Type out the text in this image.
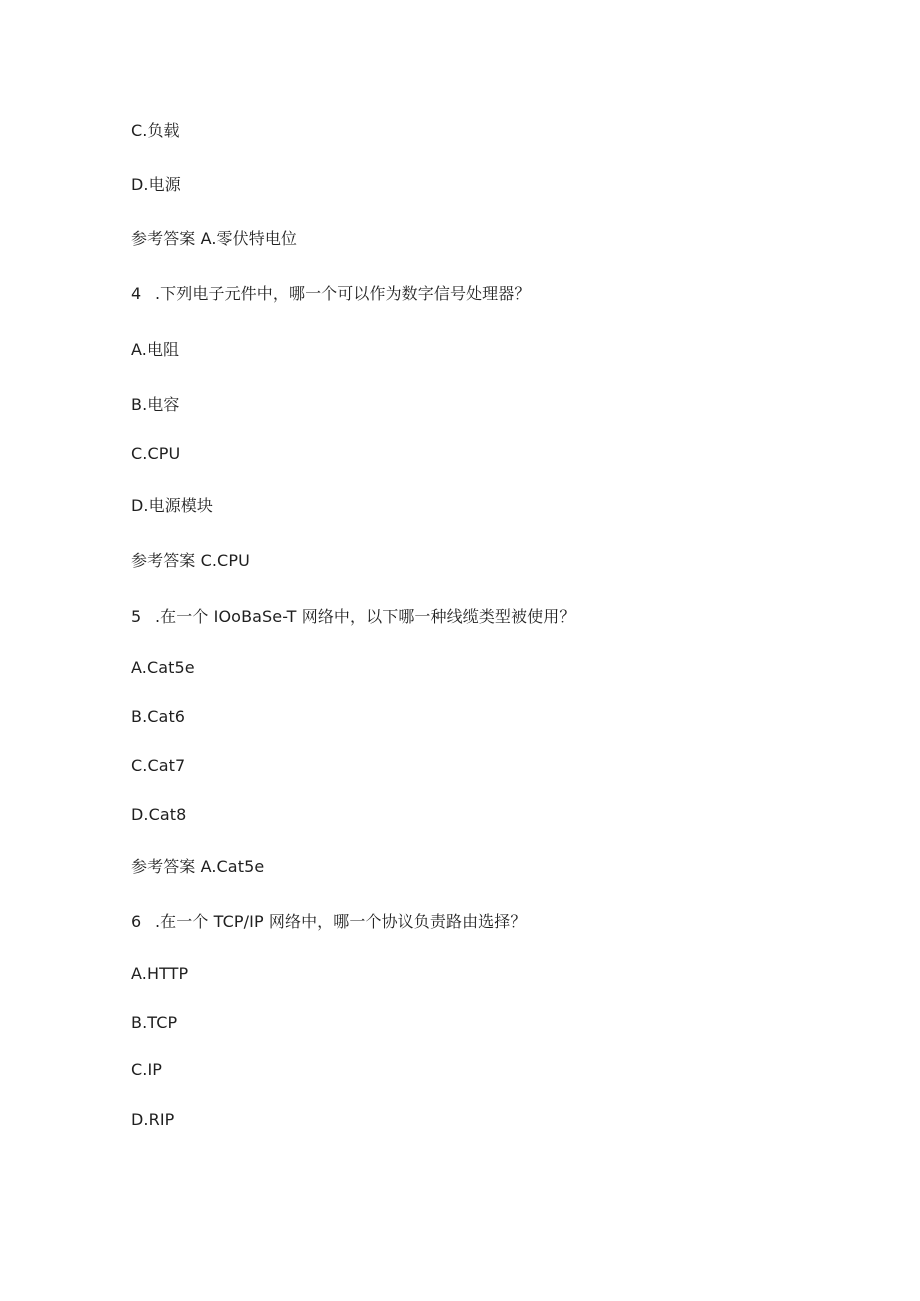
C.负载
D.电源
参考答案 A.零伏特电位
4 .下列电子元件中，哪一个可以作为数字信号处理器？
A.电阻
B.电容
C.CPU
D.电源模块
参考答案 C.CPU
5 .在一个 IOoBaSe-T 网络中，以下哪一种线缆类型被使用？
A.Cat5e
B.Cat6
C.Cat7
D.Cat8
参考答案 A.Cat5e
6 .在一个 TCP/IP 网络中，哪一个协议负责路由选择？
A.HTTP
B.TCP
C.IP
D.RIP
